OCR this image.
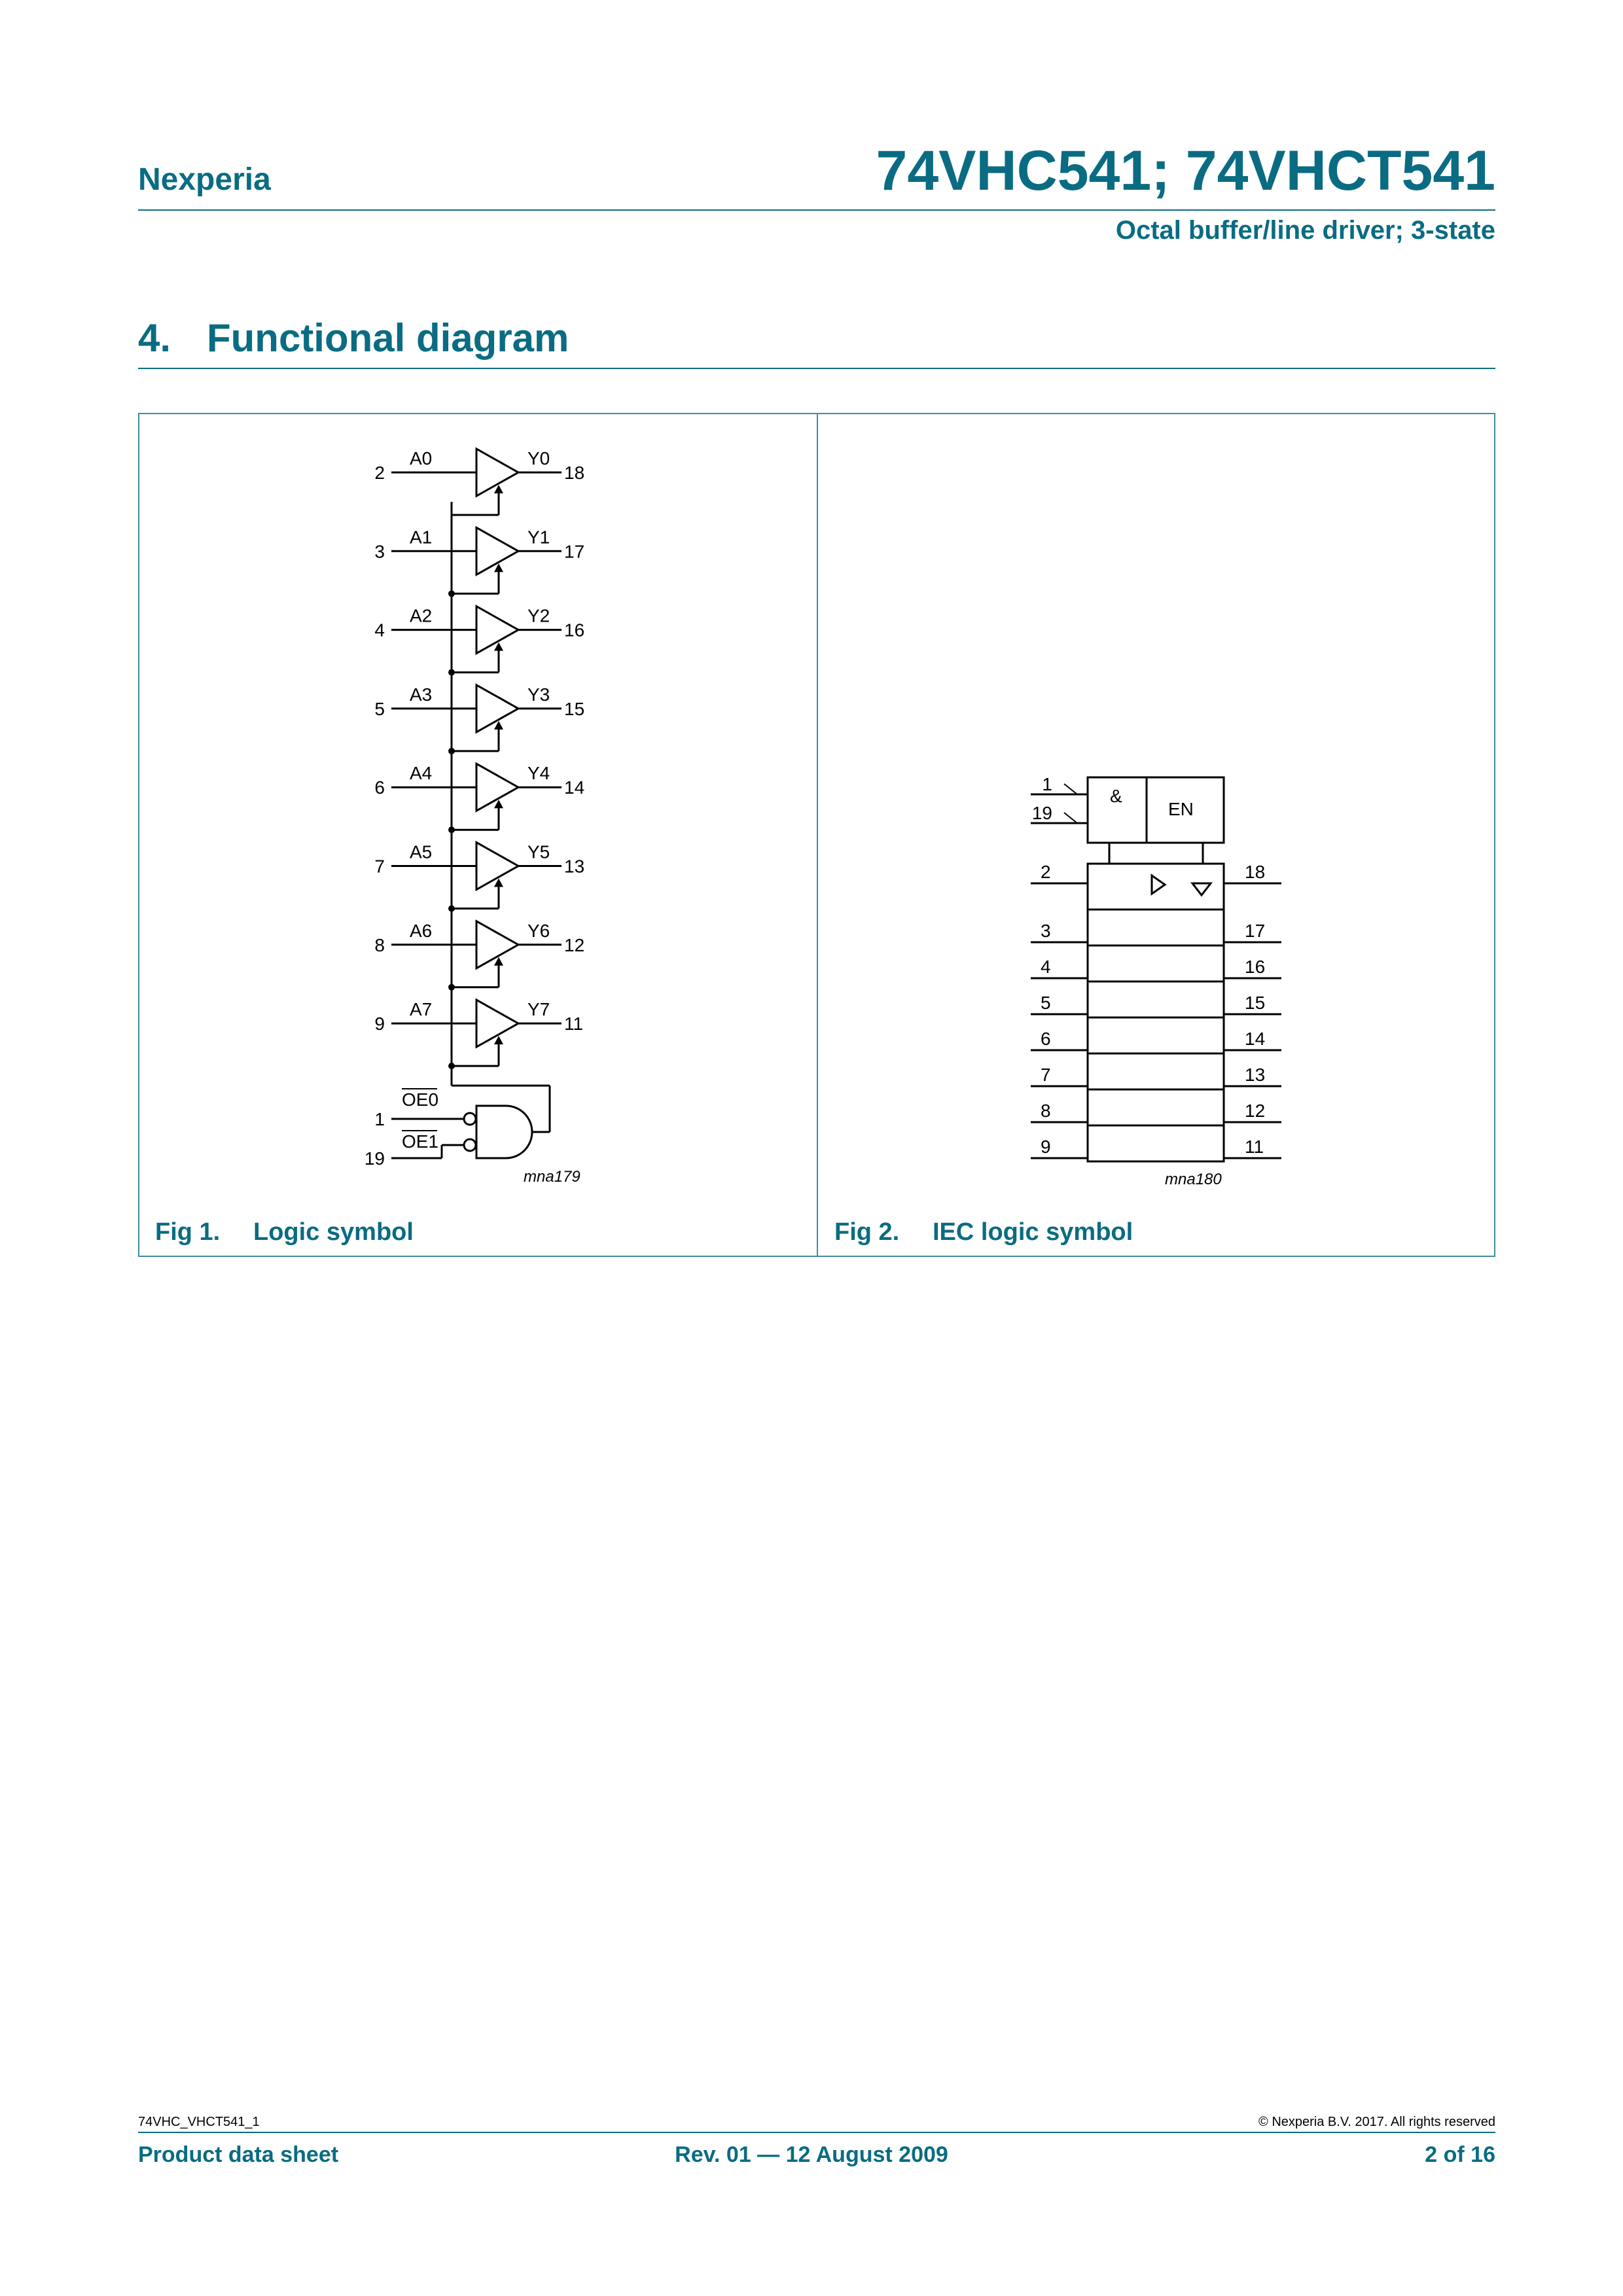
Nexperia	74VHC541; 74VHCT541
Octal buffer/line driver; 3-state
4. Functional diagram
2
A0	Y0
18
3
A1	Y1
17
4
A2	Y2
16
5
A3	Y3
15
6
A4	Y4
14
7
A5	Y5
13
8
A6	Y6
12
9
A7	Y7
11
1
OE0
19
OE1
mna179
&
EN
1
19
2	18
3	17
4	16
5	15
6	14
7	13
8	12
9	11
mna180
Fig 1. Logic symbol	Fig 2. IEC logic symbol
74VHC_VHCT541_1	© Nexperia B.V. 2017. All rights reserved
Product data sheet	Rev. 01 — 12 August 2009	2 of 16
